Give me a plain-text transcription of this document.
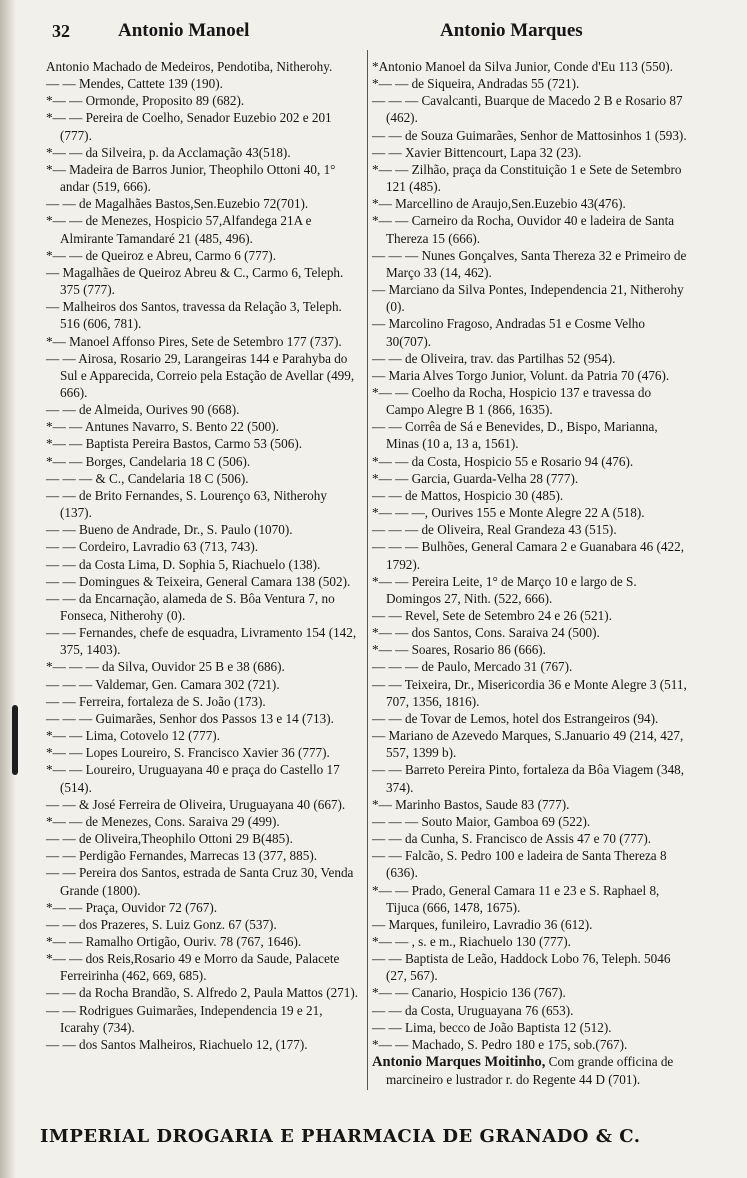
32	Antonio Manoel	Antonio Marques
Antonio Machado de Medeiros, Pendotiba, Nitherohy.
— — Mendes, Cattete 139 (190).
*— — Ormonde, Proposito 89 (682).
*— — Pereira de Coelho, Senador Euzebio 202 e 201 (777).
*— — da Silveira, p. da Acclamação 43(518).
*— Madeira de Barros Junior, Theophilo Ottoni 40, 1° andar (519, 666).
— — de Magalhães Bastos,Sen.Euzebio 72(701).
*— — de Menezes, Hospicio 57,Alfandega 21A e Almirante Tamandaré 21 (485, 496).
*— — de Queiroz e Abreu, Carmo 6 (777).
— Magalhães de Queiroz Abreu & C., Carmo 6, Teleph. 375 (777).
— Malheiros dos Santos, travessa da Relação 3, Teleph. 516 (606, 781).
*— Manoel Affonso Pires, Sete de Setembro 177 (737).
— — Airosa, Rosario 29, Larangeiras 144 e Parahyba do Sul e Apparecida, Correio pela Estação de Avellar (499, 666).
— — de Almeida, Ourives 90 (668).
*— — Antunes Navarro, S. Bento 22 (500).
*— — Baptista Pereira Bastos, Carmo 53 (506).
*— — Borges, Candelaria 18 C (506).
— — — & C., Candelaria 18 C (506).
— — de Brito Fernandes, S. Lourenço 63, Nitherohy (137).
— — Bueno de Andrade, Dr., S. Paulo (1070).
— — Cordeiro, Lavradio 63 (713, 743).
— — da Costa Lima, D. Sophia 5, Riachuelo (138).
— — Domingues & Teixeira, General Camara 138 (502).
— — da Encarnação, alameda de S. Bôa Ventura 7, no Fonseca, Nitherohy (0).
— — Fernandes, chefe de esquadra, Livramento 154 (142, 375, 1403).
*— — — da Silva, Ouvidor 25 B e 38 (686).
— — — Valdemar, Gen. Camara 302 (721).
— — Ferreira, fortaleza de S. João (173).
— — — Guimarães, Senhor dos Passos 13 e 14 (713).
*— — Lima, Cotovelo 12 (777).
*— — Lopes Loureiro, S. Francisco Xavier 36 (777).
*— — Loureiro, Uruguayana 40 e praça do Castello 17 (514).
— — & José Ferreira de Oliveira, Uruguayana 40 (667).
*— — de Menezes, Cons. Saraiva 29 (499).
— — de Oliveira,Theophilo Ottoni 29 B(485).
— — Perdigão Fernandes, Marrecas 13 (377, 885).
— — Pereira dos Santos, estrada de Santa Cruz 30, Venda Grande (1800).
*— — Praça, Ouvidor 72 (767).
— — dos Prazeres, S. Luiz Gonz. 67 (537).
*— — Ramalho Ortigão, Ouriv. 78 (767, 1646).
*— — dos Reis,Rosario 49 e Morro da Saude, Palacete Ferreirinha (462, 669, 685).
— — da Rocha Brandão, S. Alfredo 2, Paula Mattos (271).
— — Rodrigues Guimarães, Independencia 19 e 21, Icarahy (734).
— — dos Santos Malheiros, Riachuelo 12, (177).
*Antonio Manoel da Silva Junior, Conde d'Eu 113 (550).
*— — de Siqueira, Andradas 55 (721).
— — — Cavalcanti, Buarque de Macedo 2 B e Rosario 87 (462).
— — de Souza Guimarães, Senhor de Mattosinhos 1 (593).
— — Xavier Bittencourt, Lapa 32 (23).
*— — Zilhão, praça da Constituição 1 e Sete de Setembro 121 (485).
*— Marcellino de Araujo,Sen.Euzebio 43(476).
*— — Carneiro da Rocha, Ouvidor 40 e ladeira de Santa Thereza 15 (666).
— — — Nunes Gonçalves, Santa Thereza 32 e Primeiro de Março 33 (14, 462).
— Marciano da Silva Pontes, Independencia 21, Nitherohy (0).
— Marcolino Fragoso, Andradas 51 e Cosme Velho 30(707).
— — de Oliveira, trav. das Partilhas 52 (954).
— Maria Alves Torgo Junior, Volunt. da Patria 70 (476).
*— — Coelho da Rocha, Hospicio 137 e travessa do Campo Alegre B 1 (866, 1635).
— — Corrêa de Sá e Benevides, D., Bispo, Marianna, Minas (10 a, 13 a, 1561).
*— — da Costa, Hospicio 55 e Rosario 94 (476).
*— — Garcia, Guarda-Velha 28 (777).
— — de Mattos, Hospicio 30 (485).
*— — —, Ourives 155 e Monte Alegre 22 A (518).
— — — de Oliveira, Real Grandeza 43 (515).
— — — Bulhões, General Camara 2 e Guanabara 46 (422, 1792).
*— — Pereira Leite, 1° de Março 10 e largo de S. Domingos 27, Nith. (522, 666).
— — Revel, Sete de Setembro 24 e 26 (521).
*— — dos Santos, Cons. Saraiva 24 (500).
*— — Soares, Rosario 86 (666).
— — — de Paulo, Mercado 31 (767).
— — Teixeira, Dr., Misericordia 36 e Monte Alegre 3 (511, 707, 1356, 1816).
— — de Tovar de Lemos, hotel dos Estrangeiros (94).
— Mariano de Azevedo Marques, S.Januario 49 (214, 427, 557, 1399 b).
— — Barreto Pereira Pinto, fortaleza da Bôa Viagem (348, 374).
*— Marinho Bastos, Saude 83 (777).
— — — Souto Maior, Gamboa 69 (522).
— — da Cunha, S. Francisco de Assis 47 e 70 (777).
— — Falcão, S. Pedro 100 e ladeira de Santa Thereza 8 (636).
*— — Prado, General Camara 11 e 23 e S. Raphael 8, Tijuca (666, 1478, 1675).
— Marques, funileiro, Lavradio 36 (612).
*— — , s. e m., Riachuelo 130 (777).
— — Baptista de Leão, Haddock Lobo 76, Teleph. 5046 (27, 567).
*— — Canario, Hospicio 136 (767).
— — da Costa, Uruguayana 76 (653).
— — Lima, becco de João Baptista 12 (512).
*— — Machado, S. Pedro 180 e 175, sob.(767).
Antonio Marques Moitinho, Com grande officina de marcineiro e lustrador r. do Regente 44 D (701).
IMPERIAL DROGARIA E PHARMACIA DE GRANADO & C.
